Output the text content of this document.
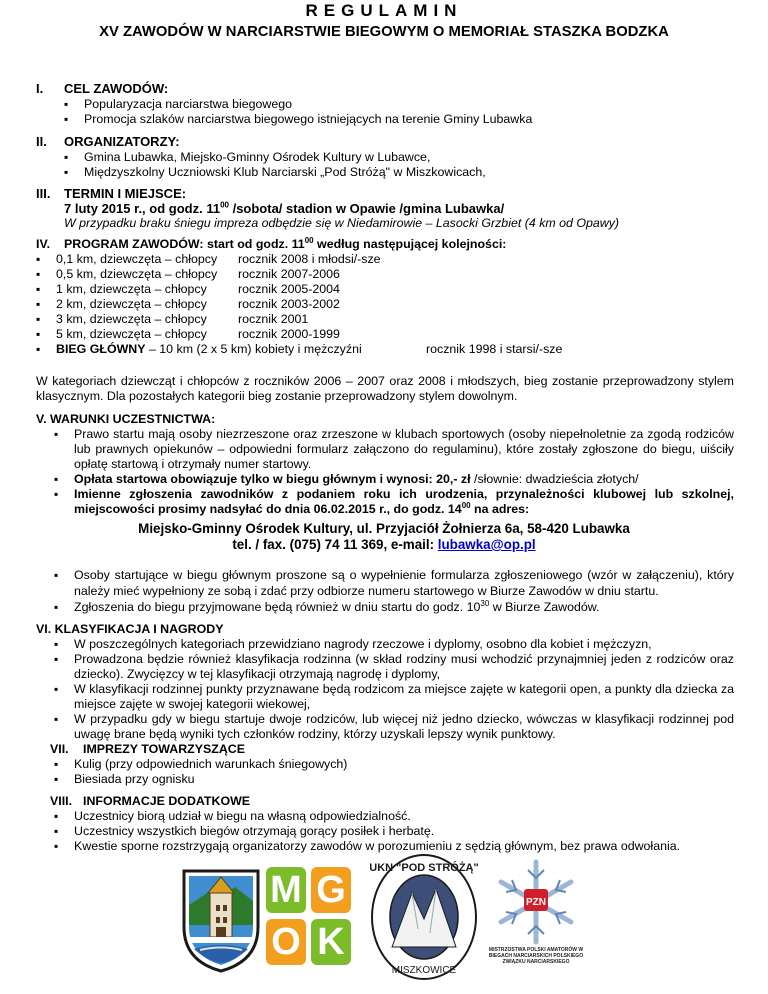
REGULAMIN
XV ZAWODÓW W NARCIARSTWIE BIEGOWYM O MEMORIAŁ STASZKA BODZKA
I. CEL ZAWODÓW:
▪ Popularyzacja narciarstwa biegowego
▪ Promocja szlaków narciarstwa biegowego istniejących na terenie Gminy Lubawka
II. ORGANIZATORZY:
▪ Gmina Lubawka, Miejsko-Gminny Ośrodek Kultury w Lubawce,
▪ Międzyszkolny Uczniowski Klub Narciarski „Pod Stróżą" w Miszkowicach,
III. TERMIN I MIEJSCE:
7 luty 2015 r., od godz. $11^{00}$ /sobota/ stadion w Opawie /gmina Lubawka/
W przypadku braku śniegu impreza odbędzie się w Niedamirowie – Lasocki Grzbiet (4 km od Opawy)
IV. PROGRAM ZAWODÓW: start od godz. $11^{00}$ według następującej kolejności:
▪ 0,1 km, dziewczęta – chłopcy	rocznik 2008 i młodsi/-sze
▪ 0,5 km, dziewczęta – chłopcy	rocznik 2007-2006
▪ 1 km, dziewczęta – chłopcy	rocznik 2005-2004
▪ 2 km, dziewczęta – chłopcy	rocznik 2003-2002
▪ 3 km, dziewczęta – chłopcy	rocznik 2001
▪ 5 km, dziewczęta – chłopcy	rocznik 2000-1999
▪ BIEG GŁÓWNY – 10 km (2 x 5 km) kobiety i mężczyźni	rocznik 1998 i starsi/-sze
W kategoriach dziewcząt i chłopców z roczników 2006 – 2007 oraz 2008 i młodszych, bieg zostanie przeprowadzony stylem klasycznym. Dla pozostałych kategorii bieg zostanie przeprowadzony stylem dowolnym.
V. WARUNKI UCZESTNICTWA:
▪ Prawo startu mają osoby niezrzeszone oraz zrzeszone w klubach sportowych (osoby niepełnoletnie za zgodą rodziców lub prawnych opiekunów – odpowiedni formularz załączono do regulaminu), które zostały zgłoszone do biegu, uiściły opłatę startową i otrzymały numer startowy.
▪ Opłata startowa obowiązuje tylko w biegu głównym i wynosi: 20,- zł /słownie: dwadzieścia złotych/
▪ Imienne zgłoszenia zawodników z podaniem roku ich urodzenia, przynależności klubowej lub szkolnej, miejscowości prosimy nadsyłać do dnia 06.02.2015 r., do godz. $14^{00}$ na adres:
Miejsko-Gminny Ośrodek Kultury, ul. Przyjaciół Żołnierza 6a, 58-420 Lubawka
tel. / fax. (075) 74 11 369, e-mail: lubawka@op.pl
▪ Osoby startujące w biegu głównym proszone są o wypełnienie formularza zgłoszeniowego (wzór w załączeniu), który należy mieć wypełniony ze sobą i zdać przy odbiorze numeru startowego w Biurze Zawodów w dniu startu.
▪ Zgłoszenia do biegu przyjmowane będą również w dniu startu do godz. $10^{30}$ w Biurze Zawodów.
VI. KLASYFIKACJA I NAGRODY
▪ W poszczególnych kategoriach przewidziano nagrody rzeczowe i dyplomy, osobno dla kobiet i mężczyzn,
▪ Prowadzona będzie również klasyfikacja rodzinna (w skład rodziny musi wchodzić przynajmniej jeden z rodziców oraz dziecko). Zwycięzcy w tej klasyfikacji otrzymają nagrodę i dyplomy,
▪ W klasyfikacji rodzinnej punkty przyznawane będą rodzicom za miejsce zajęte w kategorii open, a punkty dla dziecka za miejsce zajęte w swojej kategorii wiekowej,
▪ W przypadku gdy w biegu startuje dwoje rodziców, lub więcej niż jedno dziecko, wówczas w klasyfikacji rodzinnej pod uwagę brane będą wyniki tych członków rodziny, którzy uzyskali lepszy wynik punktowy.
VII. IMPREZY TOWARZYSZĄCE
▪ Kulig (przy odpowiednich warunkach śniegowych)
▪ Biesiada przy ognisku
VIII. INFORMACJE DODATKOWE
▪ Uczestnicy biorą udział w biegu na własną odpowiedzialność.
▪ Uczestnicy wszystkich biegów otrzymają gorący posiłek i herbatę.
▪ Kwestie sporne rozstrzygają organizatorzy zawodów w porozumieniu z sędzią głównym, bez prawa odwołania.
M G
O K
UKN "POD STRÓŻĄ"
MISZKOWICE
PZN
MISTRZOSTWA POLSKI AMATORÓW W BIEGACH NARCIARSKICH POLSKIEGO ZWIĄZKU NARCIARSKIEGO
